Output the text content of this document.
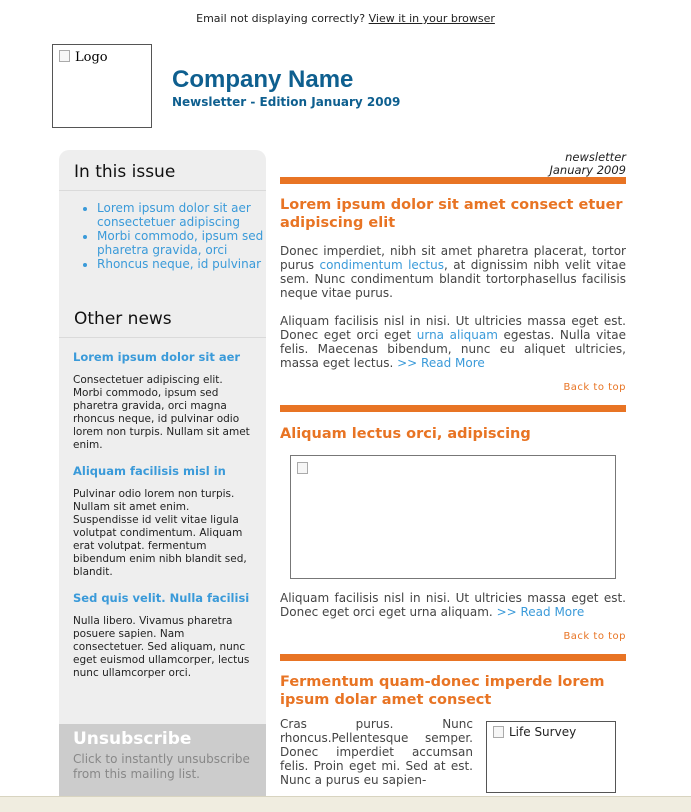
Email not displaying correctly? View it in your browser
Logo
Company Name
Newsletter - Edition January 2009
In this issue
• Lorem ipsum dolor sit aer consectetuer adipiscing
• Morbi commodo, ipsum sed pharetra gravida, orci
• Rhoncus neque, id pulvinar
Other news
Lorem ipsum dolor sit aer
Consectetuer adipiscing elit. Morbi commodo, ipsum sed pharetra gravida, orci magna rhoncus neque, id pulvinar odio lorem non turpis. Nullam sit amet enim.
Aliquam facilisis misl in
Pulvinar odio lorem non turpis. Nullam sit amet enim. Suspendisse id velit vitae ligula volutpat condimentum. Aliquam erat volutpat. fermentum bibendum enim nibh blandit sed, blandit.
Sed quis velit. Nulla facilisi
Nulla libero. Vivamus pharetra posuere sapien. Nam consectetuer. Sed aliquam, nunc eget euismod ullamcorper, lectus nunc ullamcorper orci.
Unsubscribe
Click to instantly unsubscribe from this mailing list.
newsletter
January 2009
Lorem ipsum dolor sit amet consect etuer adipiscing elit
Donec imperdiet, nibh sit amet pharetra placerat, tortor purus condimentum lectus, at dignissim nibh velit vitae sem. Nunc condimentum blandit tortorphasellus facilisis neque vitae purus.
Aliquam facilisis nisl in nisi. Ut ultricies massa eget est. Donec eget orci eget urna aliquam egestas. Nulla vitae felis. Maecenas bibendum, nunc eu aliquet ultricies, massa eget lectus. >> Read More
Back to top
Aliquam lectus orci, adipiscing
Aliquam facilisis nisl in nisi. Ut ultricies massa eget est. Donec eget orci eget urna aliquam. >> Read More
Back to top
Fermentum quam-donec imperde lorem ipsum dolar amet consect
Cras purus. Nunc rhoncus.Pellentesque semper. Donec imperdiet accumsan felis. Proin eget mi. Sed at est. Nunc a purus eu sapien-
Life Survey
